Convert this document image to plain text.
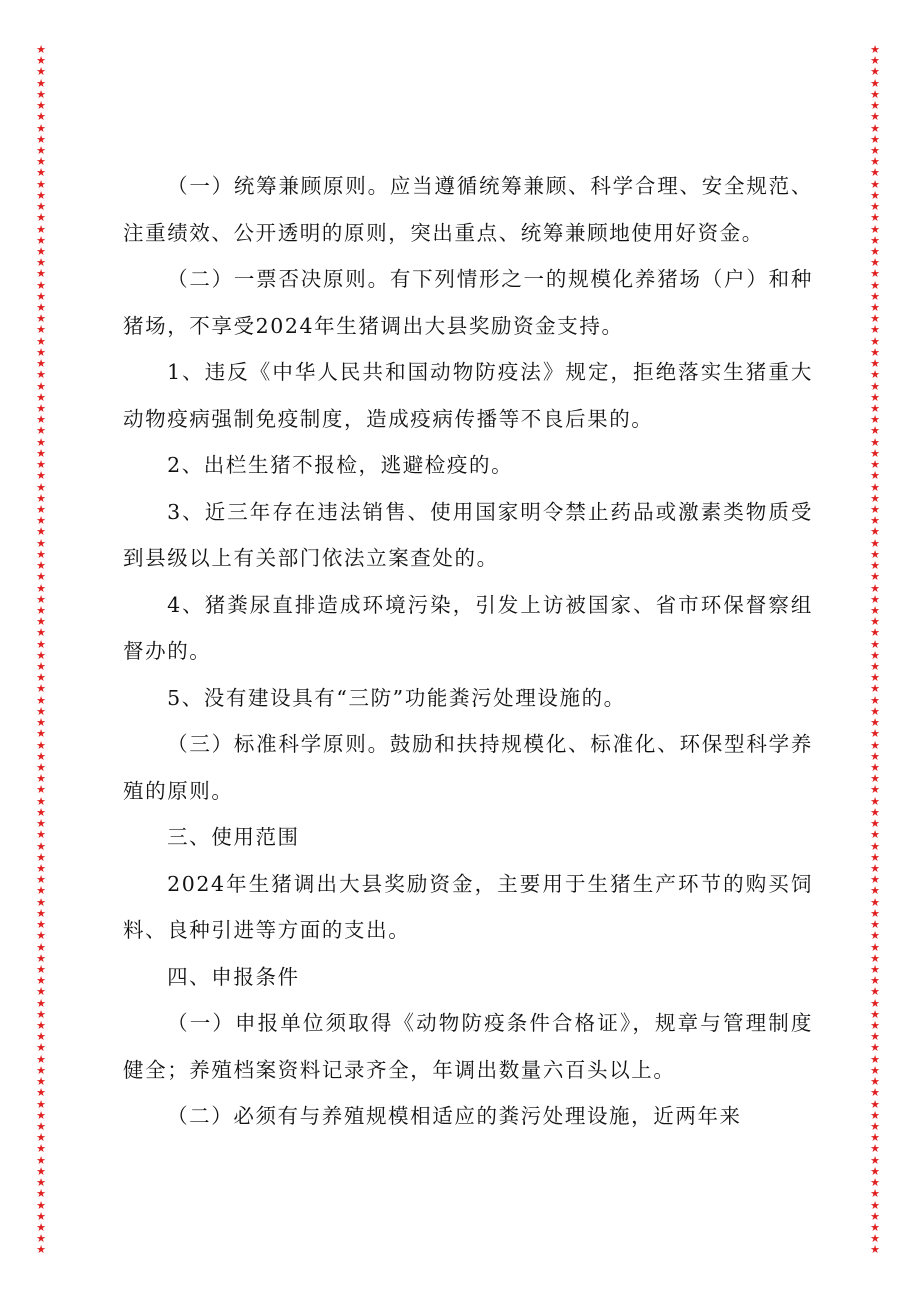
★
★
★
★
★
★
★
★
★
★
★
★
★
★
★
★
★
★
★
★
★
★
★
★
★
★
★
★
★
★
★
★
★
★
★
★
★
★
★
★
★
★
★
★
★
★
★
★
★
★
★
★
★
★
★
★
★
★
★
★
★
★
★
★
★
★
★
★
★
★
★
★
★
★
★
★
★
★
★
★
★
★
★
★
★
★
★
★
★
★
★
★
★
★
★
★
★
★
★
★
★
★
★
★
★
★
★
★
★
★
★
★
★
★
★
★
★
★
★
★
★
★
★
★
★
★
★
★
★
★
★
★
★
★
★
★
★
★
★
★
★
★
★
★
★
★
★
★
★
★
★
★
★
★
★
★
★
★
★
★
★
★
★
★
★
★
★
★
★
★
★
★
★
★
★
★
★
★
★
★
★
★
★
★
★
★
★
★
★
★
★
★
★
★
★
★
★
★
★
★
★
★
★
★
★
★
★
★
★
★
★
★
★
★
★
★

（一）统筹兼顾原则。应当遵循统筹兼顾、科学合理、安全规范、注重绩效、公开透明的原则，突出重点、统筹兼顾地使用好资金。

（二）一票否决原则。有下列情形之一的规模化养猪场（户）和种猪场，不享受2024年生猪调出大县奖励资金支持。

1、违反《中华人民共和国动物防疫法》规定，拒绝落实生猪重大动物疫病强制免疫制度，造成疫病传播等不良后果的。

2、出栏生猪不报检，逃避检疫的。

3、近三年存在违法销售、使用国家明令禁止药品或激素类物质受到县级以上有关部门依法立案查处的。

4、猪粪尿直排造成环境污染，引发上访被国家、省市环保督察组督办的。

5、没有建设具有“三防”功能粪污处理设施的。

（三）标准科学原则。鼓励和扶持规模化、标准化、环保型科学养殖的原则。

三、使用范围

2024年生猪调出大县奖励资金，主要用于生猪生产环节的购买饲料、良种引进等方面的支出。

四、申报条件

（一）申报单位须取得《动物防疫条件合格证》，规章与管理制度健全；养殖档案资料记录齐全，年调出数量六百头以上。

（二）必须有与养殖规模相适应的粪污处理设施，近两年来
